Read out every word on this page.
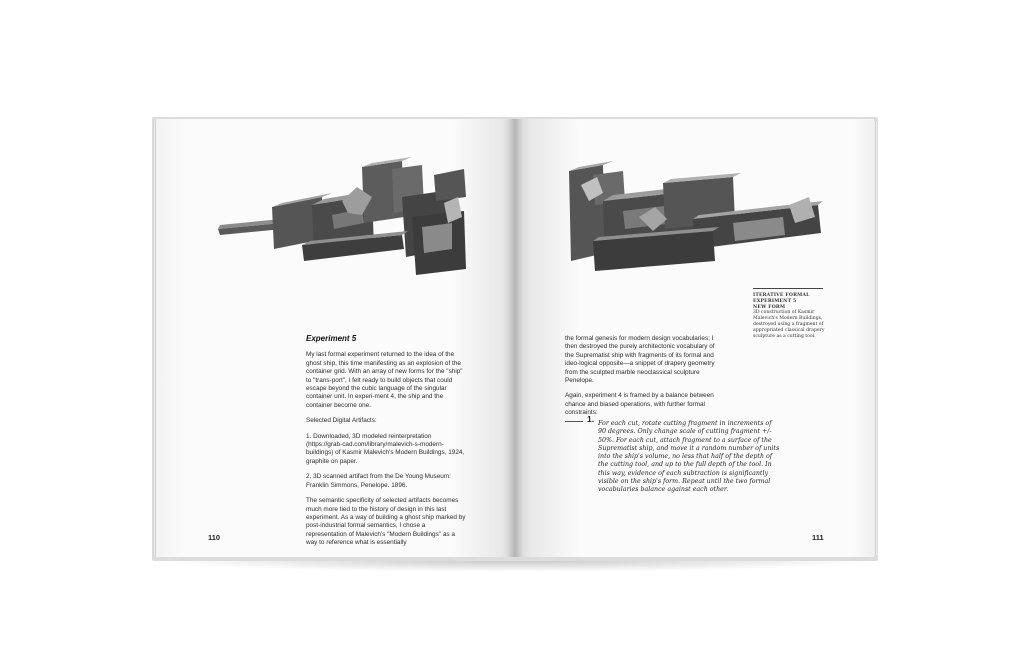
Experiment 5

My last formal experiment returned to the idea of the ghost ship, this time manifesting as an explosion of the container grid. With an array of new forms for the "ship" to "trans-port", I felt ready to build objects that could escape beyond the cubic language of the singular container unit. In experi-ment 4, the ship and the container become one.

Selected Digital Artifacts:

1. Downloaded, 3D modeled reinterpretation (https://grab-cad.com/library/malevich-s-modern-buildings) of Kasmir Malevich's Modern Buildings, 1924, graphite on paper.

2. 3D scanned artifact from the De Young Museum: Franklin Simmons, Penelope. 1896.

The semantic specificity of selected artifacts becomes much more tied to the history of design in this last experiment. As a way of building a ghost ship marked by post-industrial formal semantics, I chose a representation of Malevich's "Modern Buildings" as a way to reference what is essentially

110
ITERATIVE FORMAL
EXPERIMENT 5
NEW FORM
3D construction of Kasmir Malevich's Modern Buildings, destroyed using a fragment of appropriated classical drapery sculpture as a cutting tool.

the formal genesis for modern design vocabularies; I then destroyed the purely architectonic vocabulary of the Suprematist ship with fragments of its formal and ideo-logical opposite—a snippet of drapery geometry from the sculpted marble neoclassical sculpture Penelope.

Again, experiment 4 is framed by a balance between chance and biased operations, with further formal constraints:

111
1. For each cut, rotate cutting fragment in increments of 90 degrees. Only change scale of cutting fragment +/- 50%. For each cut, attach fragment to a surface of the Suprematist ship, and move it a random number of units into the ship's volume, no less that half of the depth of the cutting tool, and up to the full depth of the tool. In this way, evidence of each subtraction is significantly visible on the ship's form. Repeat until the two formal vocabularies balance against each other.
